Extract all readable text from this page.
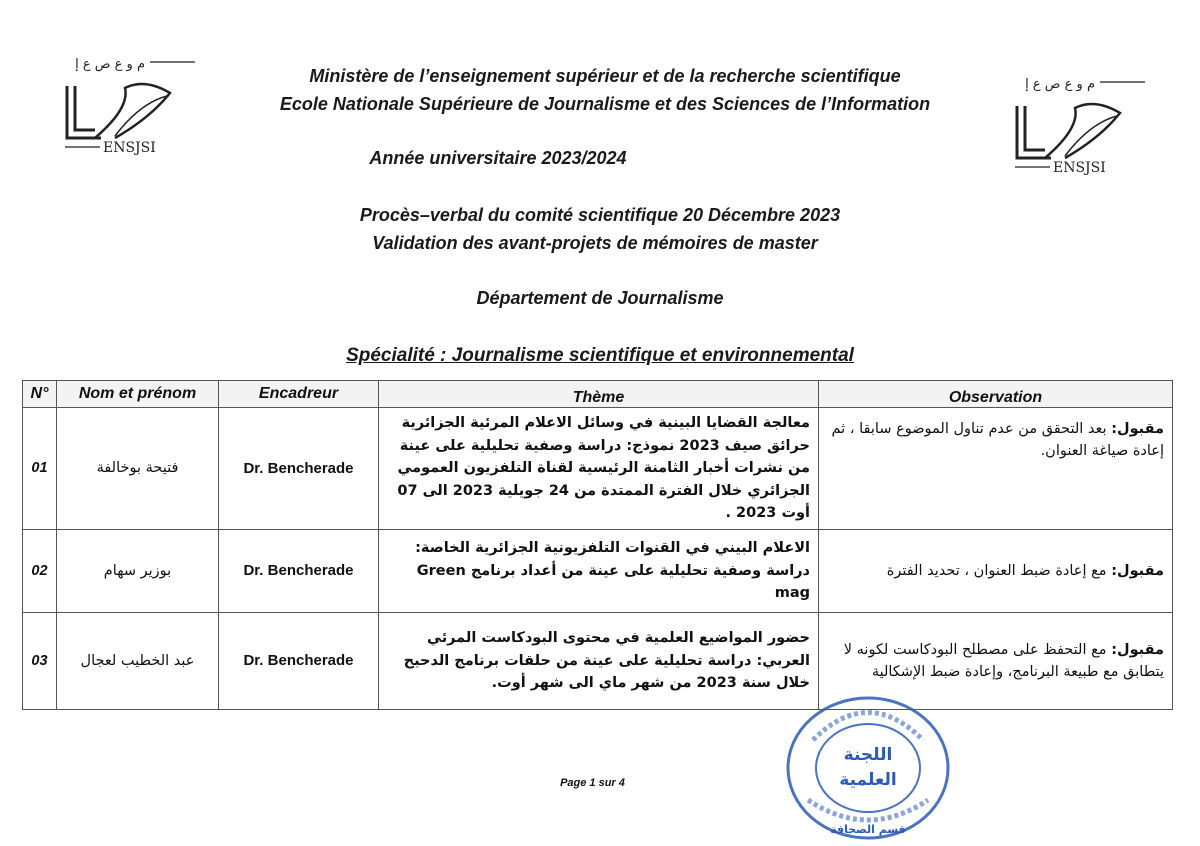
م و ع ص ع إ
ENSJSI
م و ع ص ع إ
ENSJSI
Ministère de l’enseignement supérieur et de la recherche scientifique
Ecole Nationale Supérieure de Journalisme et des Sciences de l’Information
Année universitaire 2023/2024
Procès–verbal du comité scientifique 20 Décembre 2023
Validation des avant-projets de mémoires de master
Département de Journalisme
Spécialité : Journalisme scientifique et environnemental
N°	Nom et prénom	Encadreur	Thème	Observation
01	فتيحة بوخالفة	Dr. Bencherade	معالجة القضايا البينية في وسائل الاعلام المرئية الجزائرية حرائق صيف 2023 نموذج: دراسة وصفية تحليلية على عينة من نشرات أخبار الثامنة الرئيسية لقناة التلفزيون العمومي الجزائري خلال الفترة الممتدة من 24 جويلية 2023 الى 07 أوت 2023 .	مقبول: بعد التحقق من عدم تناول الموضوع سابقا ، ثم إعادة صياغة العنوان.
02	بوزير سهام	Dr. Bencherade	الاعلام البيني في القنوات التلفزيونية الجزائرية الخاصة: دراسة وصفية تحليلية على عينة من أعداد برنامج Green mag	مقبول: مع إعادة ضبط العنوان ، تحديد الفترة
03	عبد الخطيب لعجال	Dr. Bencherade	حضور المواضيع العلمية في محتوى البودكاست المرئي العربي: دراسة تحليلية على عينة من حلقات برنامج الدحيح خلال سنة 2023 من شهر ماي الى شهر أوت.	مقبول: مع التحفظ على مصطلح البودكاست لكونه لا يتطابق مع طبيعة البرنامج، وإعادة ضبط الإشكالية
Page 1 sur 4
اللجنة
العلمية
قسم الصحافة
